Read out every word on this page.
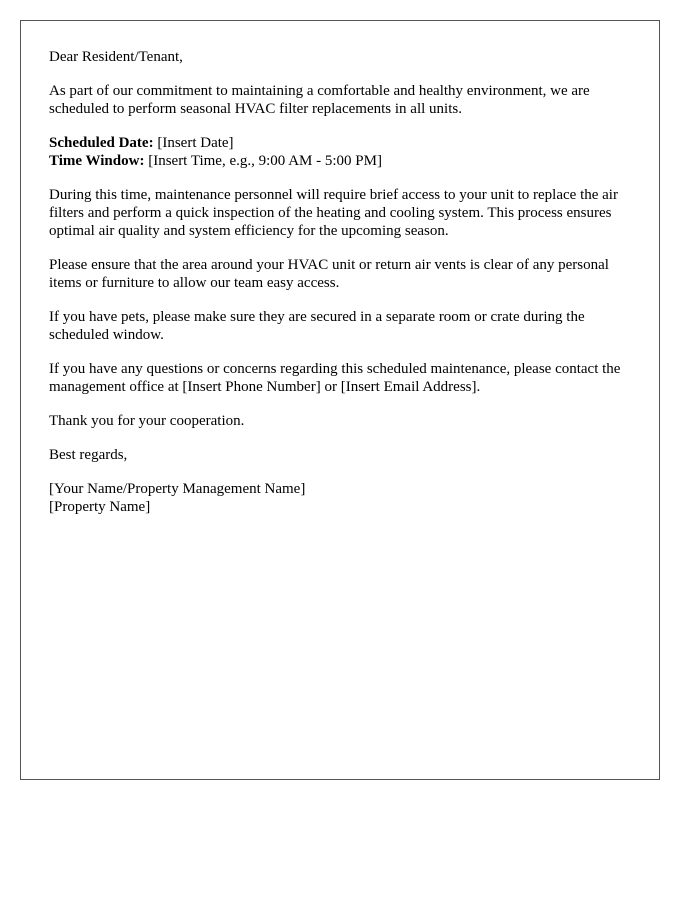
Dear Resident/Tenant,

As part of our commitment to maintaining a comfortable and healthy environment, we are scheduled to perform seasonal HVAC filter replacements in all units.

Scheduled Date: [Insert Date]
Time Window: [Insert Time, e.g., 9:00 AM - 5:00 PM]

During this time, maintenance personnel will require brief access to your unit to replace the air filters and perform a quick inspection of the heating and cooling system. This process ensures optimal air quality and system efficiency for the upcoming season.

Please ensure that the area around your HVAC unit or return air vents is clear of any personal items or furniture to allow our team easy access.

If you have pets, please make sure they are secured in a separate room or crate during the scheduled window.

If you have any questions or concerns regarding this scheduled maintenance, please contact the management office at [Insert Phone Number] or [Insert Email Address].

Thank you for your cooperation.

Best regards,

[Your Name/Property Management Name]
[Property Name]
